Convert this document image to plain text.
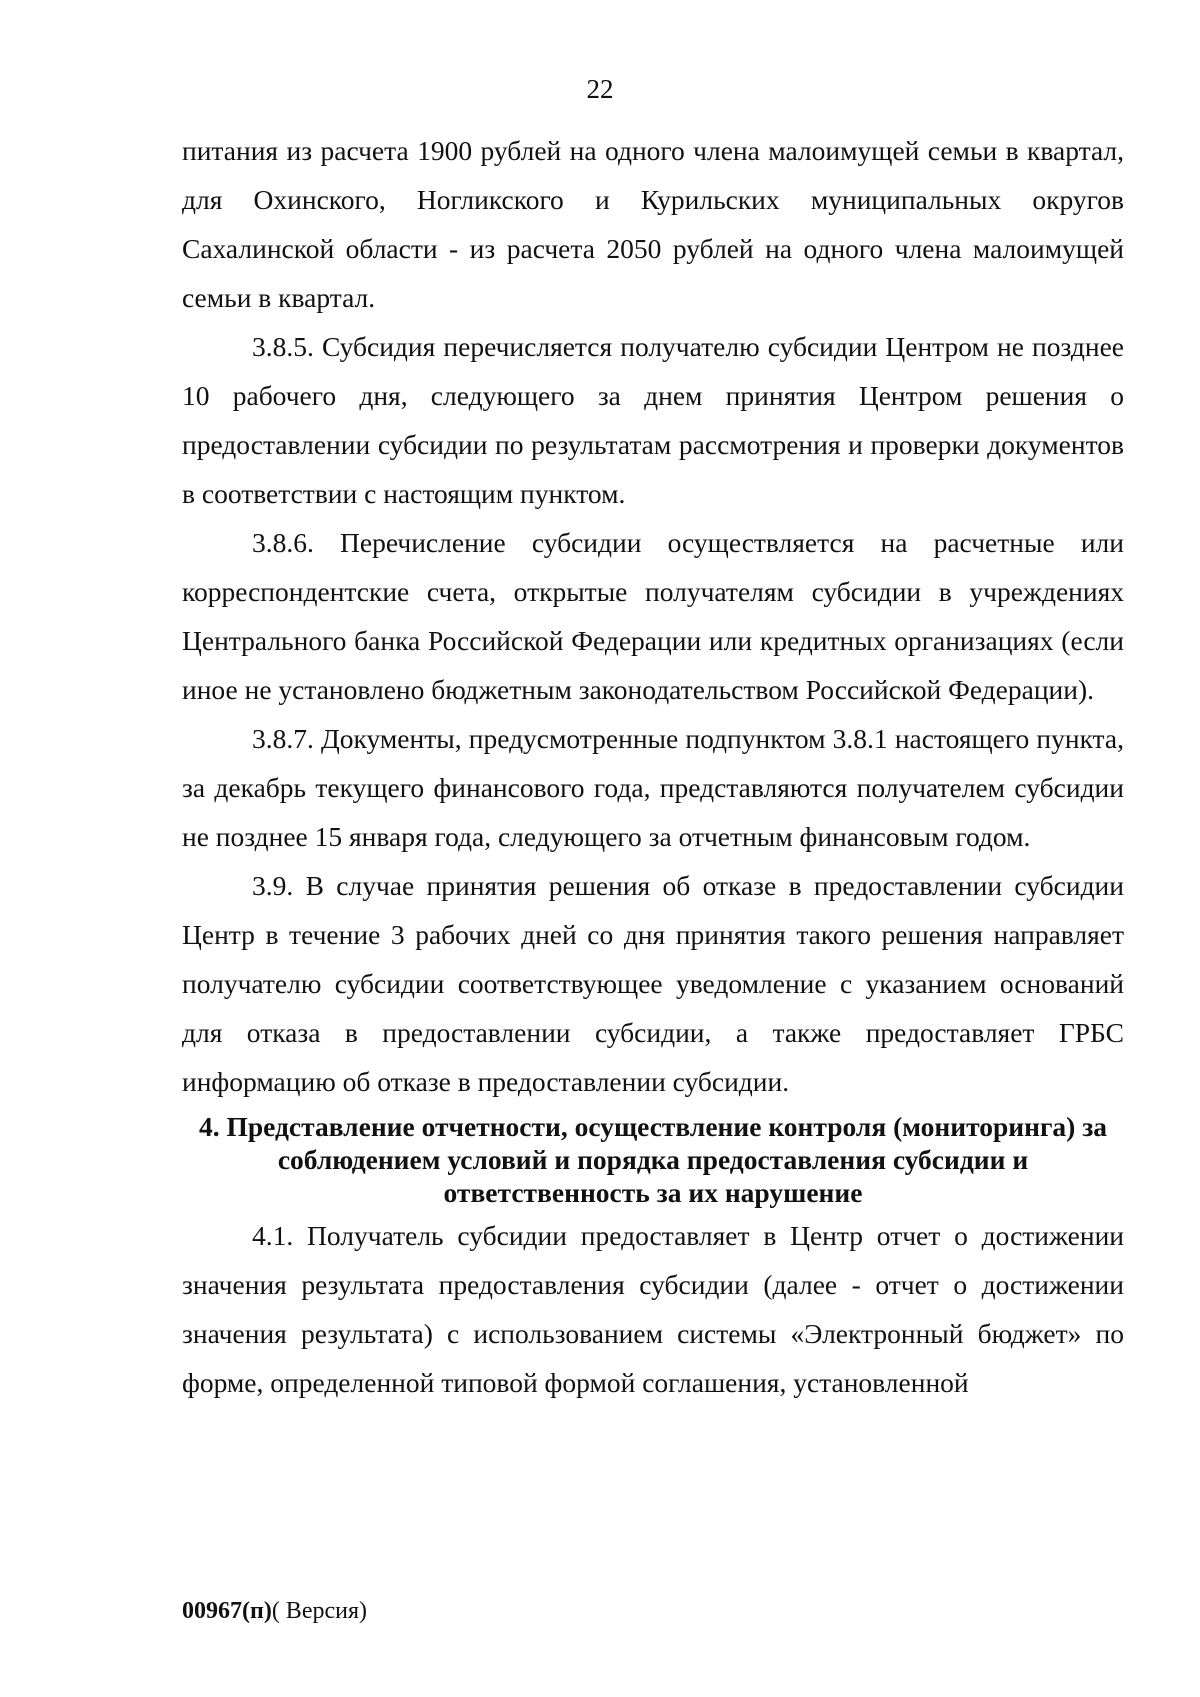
22

питания из расчета 1900 рублей на одного члена малоимущей семьи в квартал, для Охинского, Ногликского и Курильских муниципальных округов Сахалинской области - из расчета 2050 рублей на одного члена малоимущей семьи в квартал.

3.8.5. Субсидия перечисляется получателю субсидии Центром не позднее 10 рабочего дня, следующего за днем принятия Центром решения о предоставлении субсидии по результатам рассмотрения и проверки документов в соответствии с настоящим пунктом.

3.8.6. Перечисление субсидии осуществляется на расчетные или корреспондентские счета, открытые получателям субсидии в учреждениях Центрального банка Российской Федерации или кредитных организациях (если иное не установлено бюджетным законодательством Российской Федерации).

3.8.7. Документы, предусмотренные подпунктом 3.8.1 настоящего пункта, за декабрь текущего финансового года, представляются получателем субсидии не позднее 15 января года, следующего за отчетным финансовым годом.

3.9. В случае принятия решения об отказе в предоставлении субсидии Центр в течение 3 рабочих дней со дня принятия такого решения направляет получателю субсидии соответствующее уведомление с указанием оснований для отказа в предоставлении субсидии, а также предоставляет ГРБС информацию об отказе в предоставлении субсидии.

4. Представление отчетности, осуществление контроля (мониторинга) за соблюдением условий и порядка предоставления субсидии и ответственность за их нарушение

4.1. Получатель субсидии предоставляет в Центр отчет о достижении значения результата предоставления субсидии (далее - отчет о достижении значения результата) с использованием системы «Электронный бюджет» по форме, определенной типовой формой соглашения, установленной

00967(п)( Версия)
